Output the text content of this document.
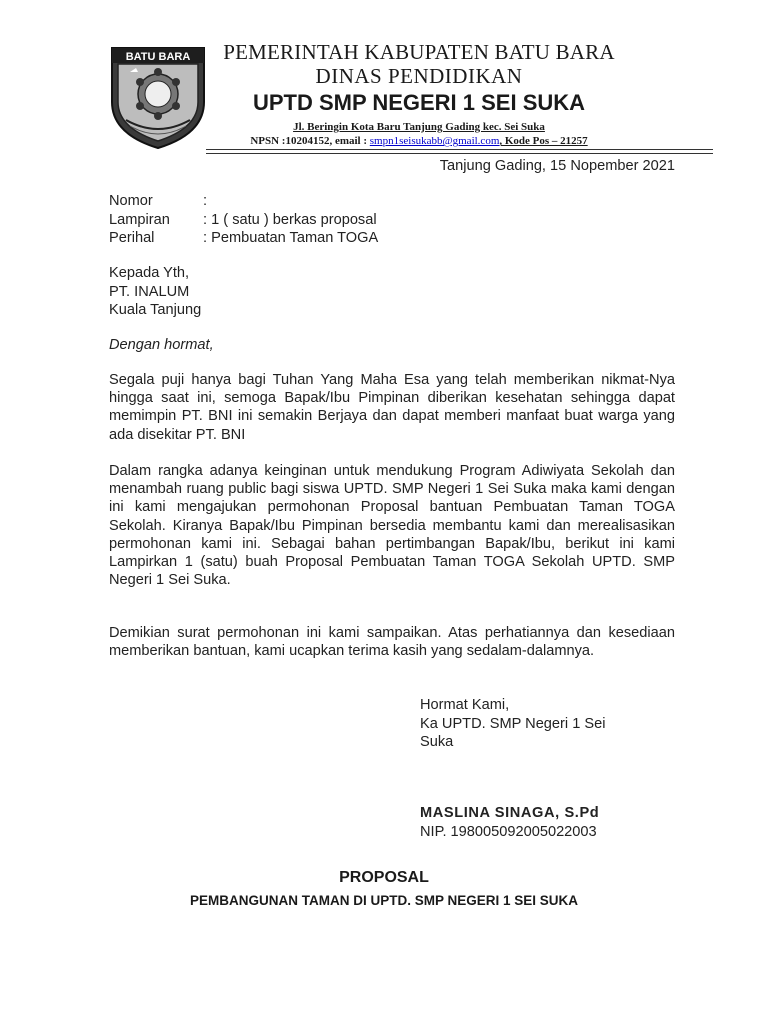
BATU BARA	PEMERINTAH KABUPATEN BATU BARA
DINAS PENDIDIKAN
UPTD SMP NEGERI 1 SEI SUKA
Jl. Beringin Kota Baru Tanjung Gading kec. Sei Suka
NPSN :10204152, email : smpn1seisukabb@gmail.com, Kode Pos – 21257
Tanjung Gading, 15 Nopember 2021
Nomor	:
Lampiran	: 1 ( satu ) berkas proposal
Perihal	: Pembuatan Taman TOGA
Kepada Yth,
PT. INALUM
Kuala Tanjung
Dengan hormat,
Segala puji hanya bagi Tuhan Yang Maha Esa yang telah memberikan nikmat-Nya hingga saat ini, semoga Bapak/Ibu Pimpinan diberikan kesehatan sehingga dapat memimpin PT. BNI ini semakin Berjaya dan dapat memberi manfaat buat warga yang ada disekitar PT. BNI
Dalam rangka adanya keinginan untuk mendukung Program Adiwiyata Sekolah dan menambah ruang public bagi siswa UPTD. SMP Negeri 1 Sei Suka maka kami dengan ini kami mengajukan permohonan Proposal bantuan Pembuatan Taman TOGA Sekolah. Kiranya Bapak/Ibu Pimpinan bersedia membantu kami dan merealisasikan permohonan kami ini. Sebagai bahan pertimbangan Bapak/Ibu, berikut ini kami Lampirkan 1 (satu) buah Proposal Pembuatan Taman TOGA Sekolah UPTD. SMP Negeri 1 Sei Suka.
Demikian surat permohonan ini kami sampaikan. Atas perhatiannya dan kesediaan memberikan bantuan, kami ucapkan terima kasih yang sedalam-dalamnya.
Hormat Kami,
Ka UPTD. SMP Negeri 1 Sei
Suka
MASLINA SINAGA, S.Pd
NIP. 198005092005022003
PROPOSAL
PEMBANGUNAN TAMAN DI UPTD. SMP NEGERI 1 SEI SUKA
